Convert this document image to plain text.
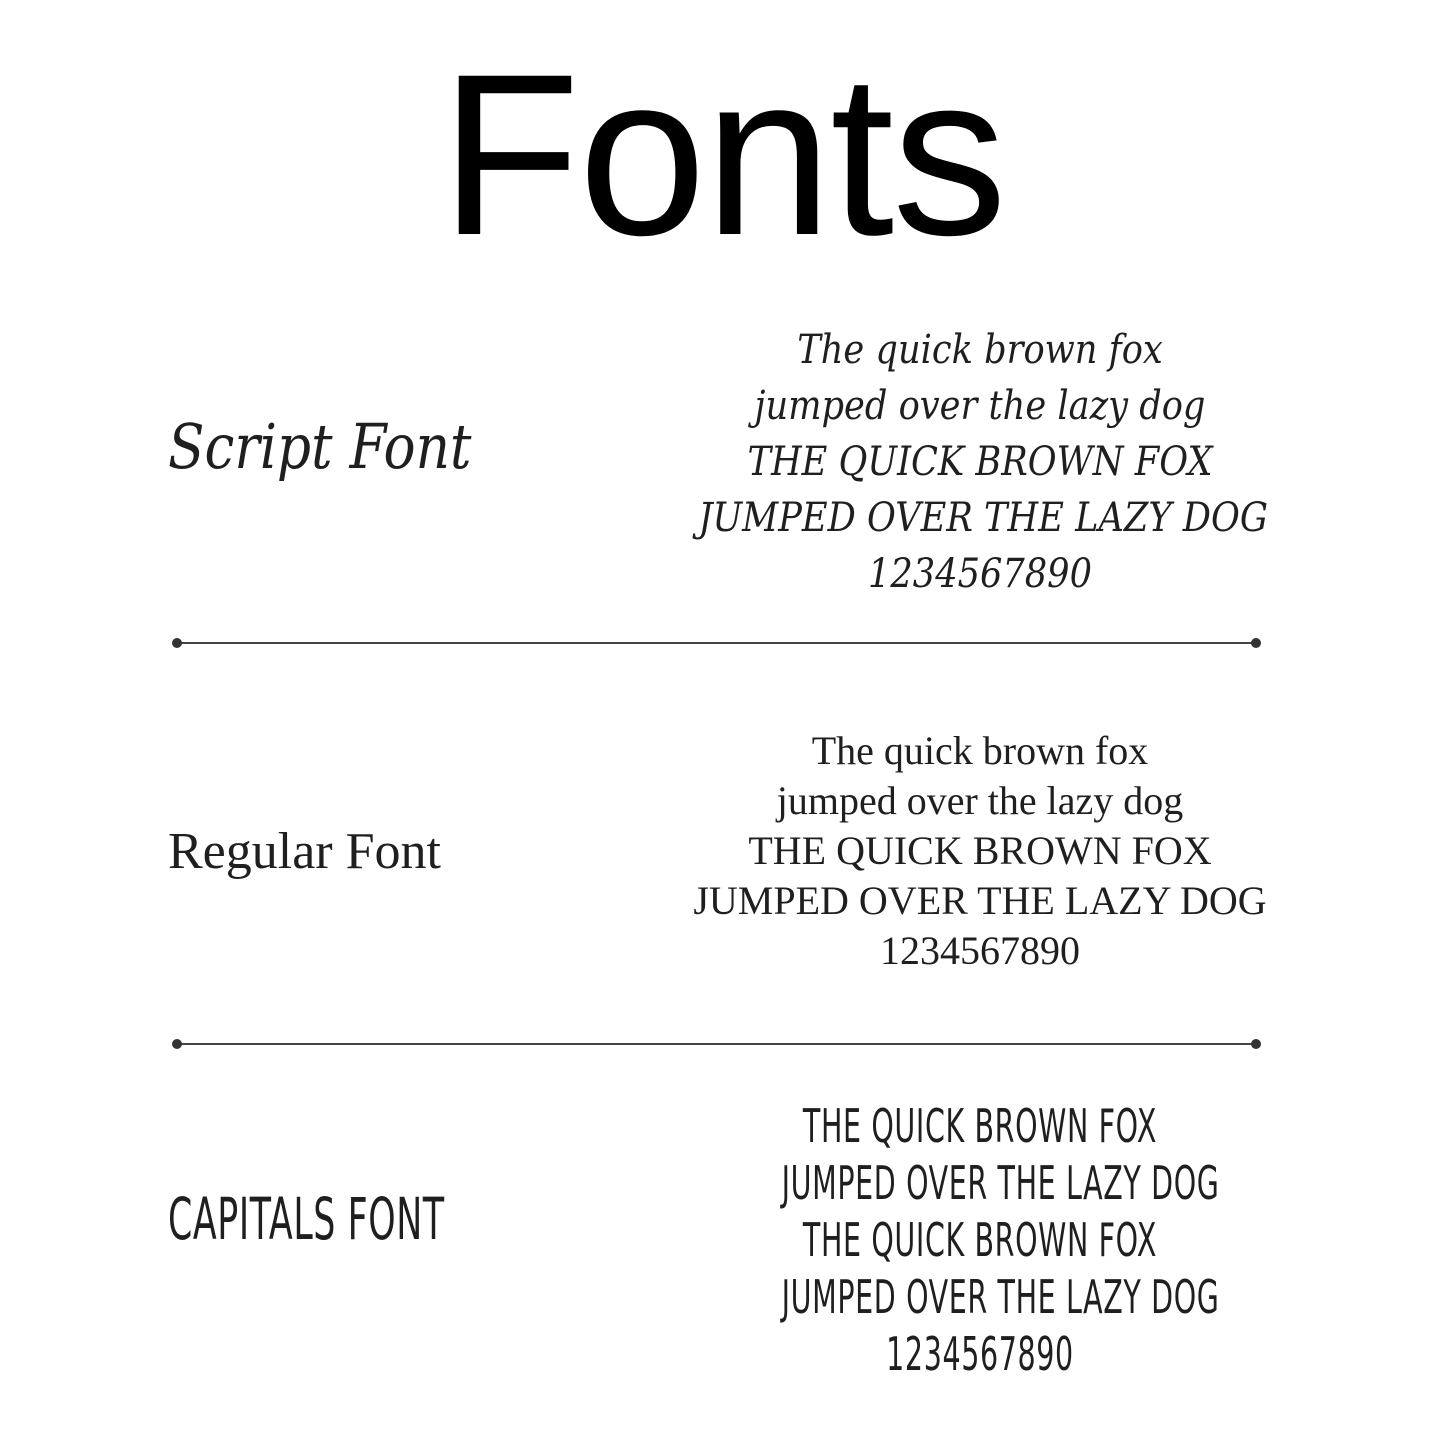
Fonts
Script Font
The quick brown fox
jumped over the lazy dog
THE QUICK BROWN FOX
JUMPED OVER THE LAZY DOG
1234567890
Regular Font
The quick brown fox
jumped over the lazy dog
THE QUICK BROWN FOX
JUMPED OVER THE LAZY DOG
1234567890
CAPITALS FONT
THE QUICK BROWN FOX
JUMPED OVER THE LAZY DOG
THE QUICK BROWN FOX
JUMPED OVER THE LAZY DOG
1234567890
